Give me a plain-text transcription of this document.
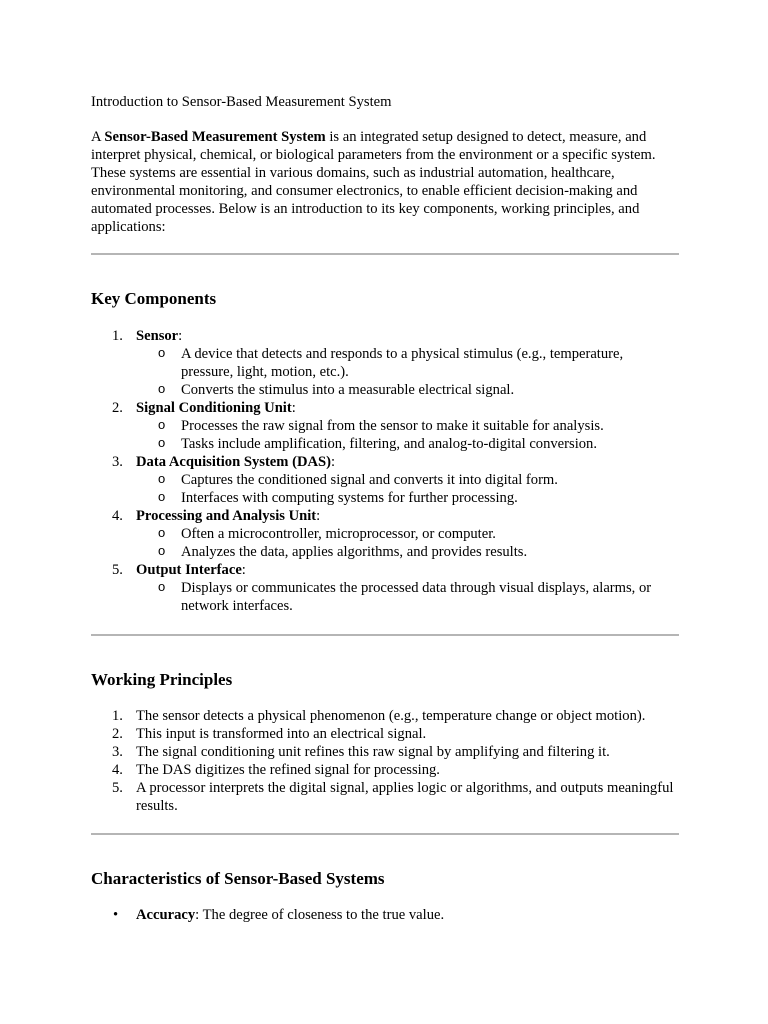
Introduction to Sensor-Based Measurement System

A Sensor-Based Measurement System is an integrated setup designed to detect, measure, and interpret physical, chemical, or biological parameters from the environment or a specific system. These systems are essential in various domains, such as industrial automation, healthcare, environmental monitoring, and consumer electronics, to enable efficient decision-making and automated processes. Below is an introduction to its key components, working principles, and applications:

Key Components
1. Sensor:
o A device that detects and responds to a physical stimulus (e.g., temperature, pressure, light, motion, etc.).
o Converts the stimulus into a measurable electrical signal.
2. Signal Conditioning Unit:
o Processes the raw signal from the sensor to make it suitable for analysis.
o Tasks include amplification, filtering, and analog-to-digital conversion.
3. Data Acquisition System (DAS):
o Captures the conditioned signal and converts it into digital form.
o Interfaces with computing systems for further processing.
4. Processing and Analysis Unit:
o Often a microcontroller, microprocessor, or computer.
o Analyzes the data, applies algorithms, and provides results.
5. Output Interface:
o Displays or communicates the processed data through visual displays, alarms, or network interfaces.
Working Principles
1. The sensor detects a physical phenomenon (e.g., temperature change or object motion).
2. This input is transformed into an electrical signal.
3. The signal conditioning unit refines this raw signal by amplifying and filtering it.
4. The DAS digitizes the refined signal for processing.
5. A processor interprets the digital signal, applies logic or algorithms, and outputs meaningful results.
Characteristics of Sensor-Based Systems
• Accuracy: The degree of closeness to the true value.
